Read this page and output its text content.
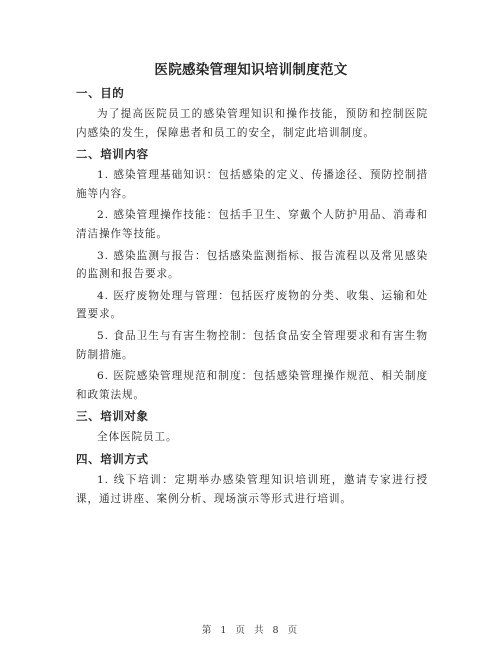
医院感染管理知识培训制度范文
一、目的
为了提高医院员工的感染管理知识和操作技能，预防和控制医院内感染的发生，保障患者和员工的安全，制定此培训制度。
二、培训内容
1. 感染管理基础知识：包括感染的定义、传播途径、预防控制措施等内容。
2. 感染管理操作技能：包括手卫生、穿戴个人防护用品、消毒和清洁操作等技能。
3. 感染监测与报告：包括感染监测指标、报告流程以及常见感染的监测和报告要求。
4. 医疗废物处理与管理：包括医疗废物的分类、收集、运输和处置要求。
5. 食品卫生与有害生物控制：包括食品安全管理要求和有害生物防制措施。
6. 医院感染管理规范和制度：包括感染管理操作规范、相关制度和政策法规。
三、培训对象
全体医院员工。
四、培训方式
1. 线下培训：定期举办感染管理知识培训班，邀请专家进行授课，通过讲座、案例分析、现场演示等形式进行培训。
第 1 页 共 8 页
